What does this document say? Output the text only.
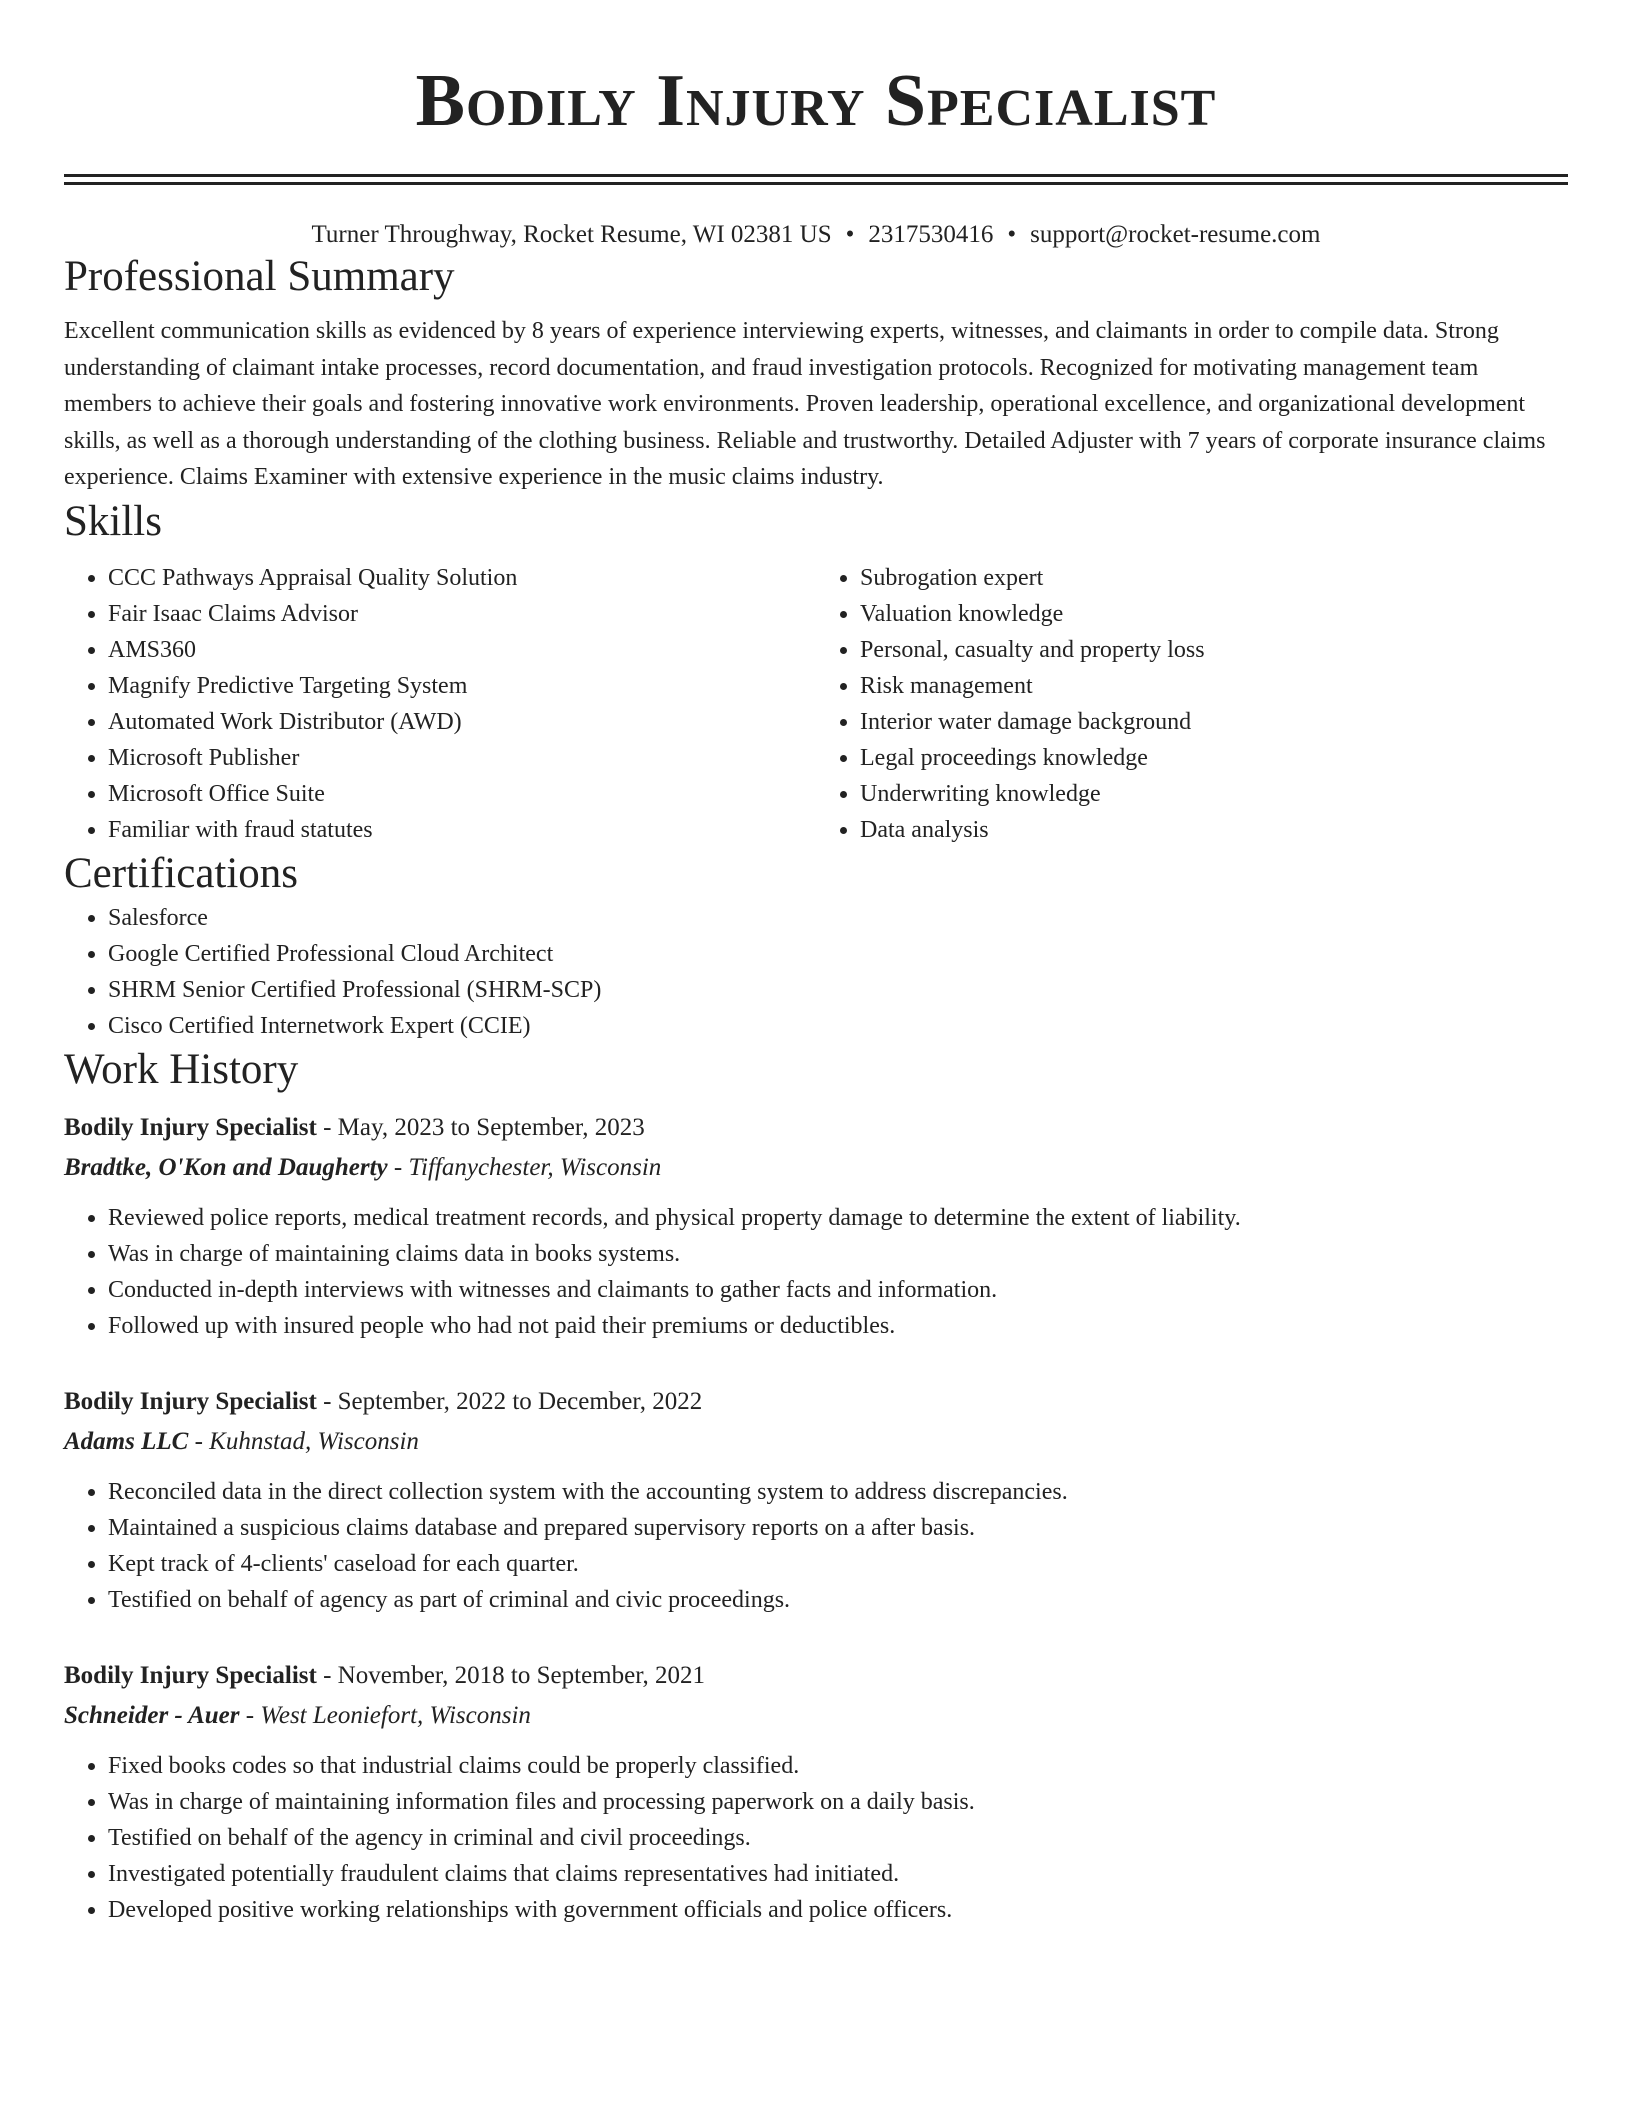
Bodily Injury Specialist
Turner Throughway, Rocket Resume, WI 02381 US • 2317530416 • support@rocket-resume.com
Professional Summary

Excellent communication skills as evidenced by 8 years of experience interviewing experts, witnesses, and claimants in order to compile data. Strong understanding of claimant intake processes, record documentation, and fraud investigation protocols. Recognized for motivating management team members to achieve their goals and fostering innovative work environments. Proven leadership, operational excellence, and organizational development skills, as well as a thorough understanding of the clothing business. Reliable and trustworthy. Detailed Adjuster with 7 years of corporate insurance claims experience. Claims Examiner with extensive experience in the music claims industry.

Skills
• CCC Pathways Appraisal Quality Solution
• Fair Isaac Claims Advisor
• AMS360
• Magnify Predictive Targeting System
• Automated Work Distributor (AWD)
• Microsoft Publisher
• Microsoft Office Suite
• Familiar with fraud statutes
• Subrogation expert
• Valuation knowledge
• Personal, casualty and property loss
• Risk management
• Interior water damage background
• Legal proceedings knowledge
• Underwriting knowledge
• Data analysis
Certifications
• Salesforce
• Google Certified Professional Cloud Architect
• SHRM Senior Certified Professional (SHRM-SCP)
• Cisco Certified Internetwork Expert (CCIE)
Work History
Bodily Injury Specialist - May, 2023 to September, 2023
Bradtke, O'Kon and Daugherty - Tiffanychester, Wisconsin
• Reviewed police reports, medical treatment records, and physical property damage to determine the extent of liability.
• Was in charge of maintaining claims data in books systems.
• Conducted in-depth interviews with witnesses and claimants to gather facts and information.
• Followed up with insured people who had not paid their premiums or deductibles.
Bodily Injury Specialist - September, 2022 to December, 2022
Adams LLC - Kuhnstad, Wisconsin
• Reconciled data in the direct collection system with the accounting system to address discrepancies.
• Maintained a suspicious claims database and prepared supervisory reports on a after basis.
• Kept track of 4-clients' caseload for each quarter.
• Testified on behalf of agency as part of criminal and civic proceedings.
Bodily Injury Specialist - November, 2018 to September, 2021
Schneider - Auer - West Leoniefort, Wisconsin
• Fixed books codes so that industrial claims could be properly classified.
• Was in charge of maintaining information files and processing paperwork on a daily basis.
• Testified on behalf of the agency in criminal and civil proceedings.
• Investigated potentially fraudulent claims that claims representatives had initiated.
• Developed positive working relationships with government officials and police officers.
